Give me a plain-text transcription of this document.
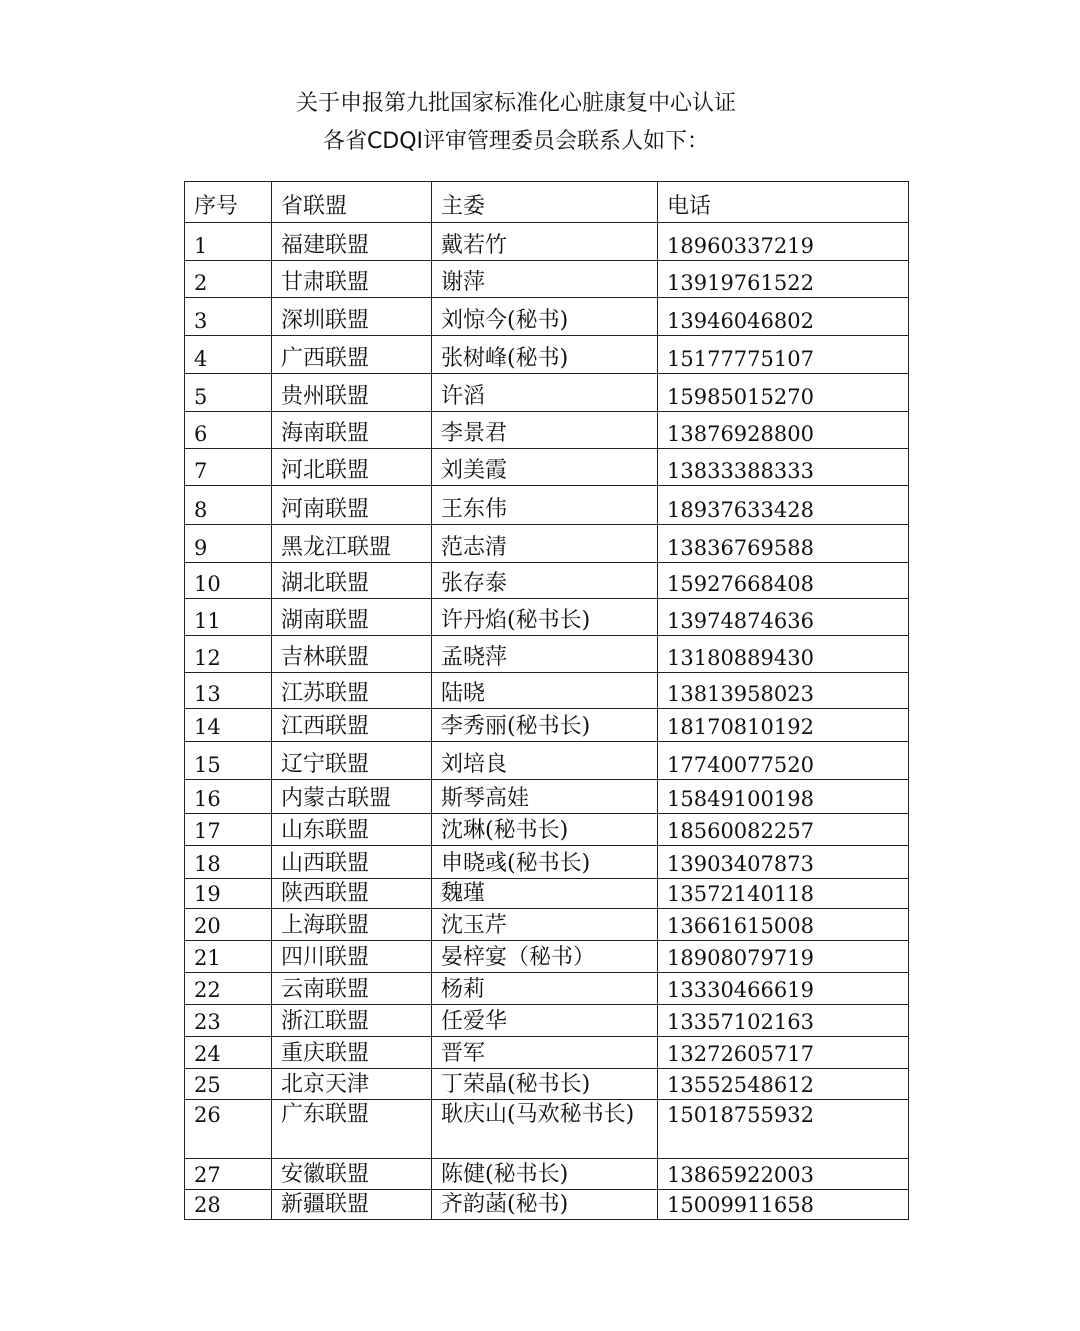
关于申报第九批国家标准化心脏康复中心认证
各省CDQI评审管理委员会联系人如下：
序号	省联盟	主委	电话
1	福建联盟	戴若竹	18960337219
2	甘肃联盟	谢萍	13919761522
3	深圳联盟	刘惊今(秘书)	13946046802
4	广西联盟	张树峰(秘书)	15177775107
5	贵州联盟	许滔	15985015270
6	海南联盟	李景君	13876928800
7	河北联盟	刘美霞	13833388333
8	河南联盟	王东伟	18937633428
9	黑龙江联盟	范志清	13836769588
10	湖北联盟	张存泰	15927668408
11	湖南联盟	许丹焰(秘书长)	13974874636
12	吉林联盟	孟晓萍	13180889430
13	江苏联盟	陆晓	13813958023
14	江西联盟	李秀丽(秘书长)	18170810192
15	辽宁联盟	刘培良	17740077520
16	内蒙古联盟	斯琴高娃	15849100198
17	山东联盟	沈琳(秘书长)	18560082257
18	山西联盟	申晓彧(秘书长)	13903407873
19	陕西联盟	魏瑾	13572140118
20	上海联盟	沈玉芹	13661615008
21	四川联盟	晏梓宴（秘书）	18908079719
22	云南联盟	杨莉	13330466619
23	浙江联盟	任爱华	13357102163
24	重庆联盟	晋军	13272605717
25	北京天津	丁荣晶(秘书长)	13552548612
26	广东联盟	耿庆山(马欢秘书长)	15018755932
27	安徽联盟	陈健(秘书长)	13865922003
28	新疆联盟	齐韵菡(秘书)	15009911658
